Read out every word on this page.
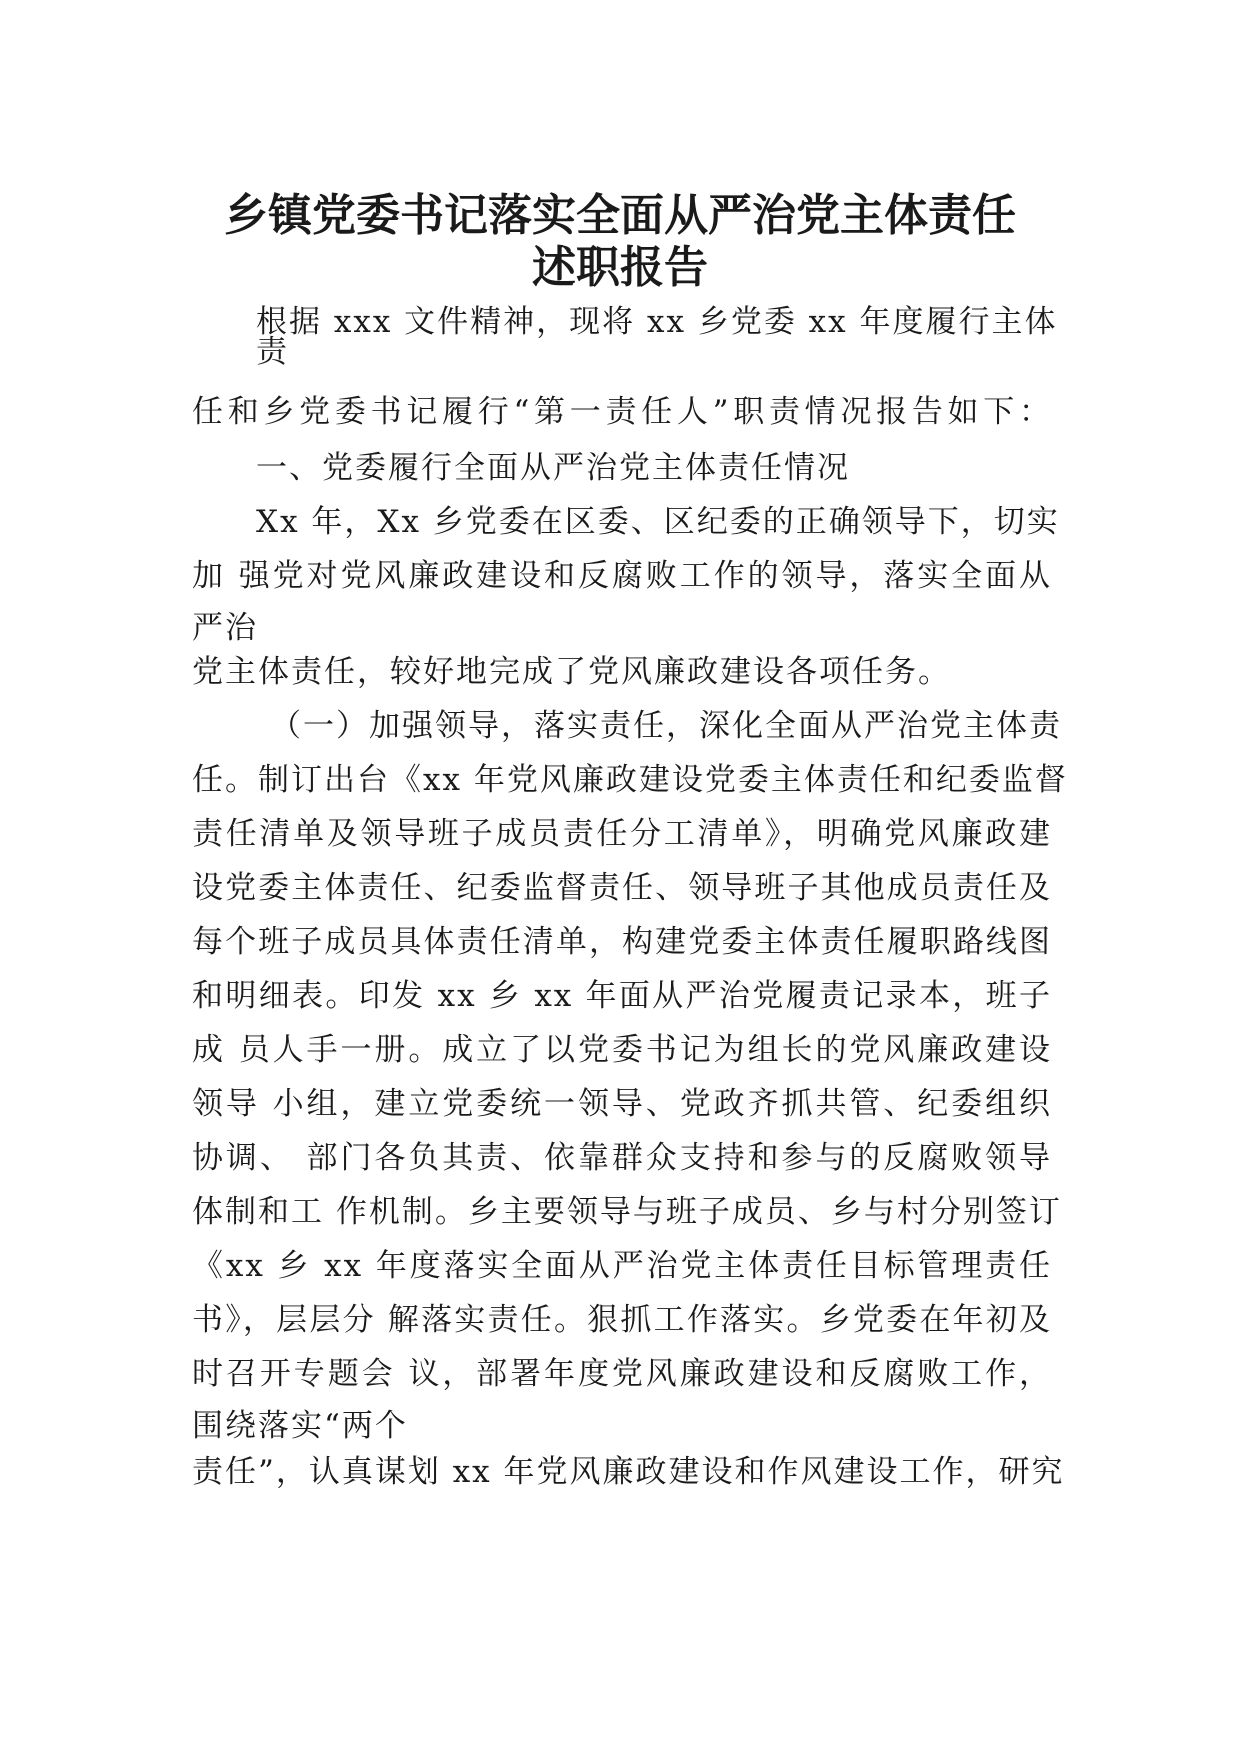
乡镇党委书记落实全面从严治党主体责任
述职报告

根据 xxx 文件精神，现将 xx 乡党委 xx 年度履行主体

责

任和乡党委书记履行“第一责任人”职责情况报告如下：

一、党委履行全面从严治党主体责任情况

Xx 年，Xx 乡党委在区委、区纪委的正确领导下，切实

加 强党对党风廉政建设和反腐败工作的领导，落实全面从

严治

党主体责任，较好地完成了党风廉政建设各项任务。

（一）加强领导，落实责任，深化全面从严治党主体责

任。制订出台《xx 年党风廉政建设党委主体责任和纪委监督

责任清单及领导班子成员责任分工清单》，明确党风廉政建

设党委主体责任、纪委监督责任、领导班子其他成员责任及

每个班子成员具体责任清单，构建党委主体责任履职路线图

和明细表。印发 xx 乡 xx 年面从严治党履责记录本，班子

成 员人手一册。成立了以党委书记为组长的党风廉政建设

领导 小组，建立党委统一领导、党政齐抓共管、纪委组织

协调、 部门各负其责、依靠群众支持和参与的反腐败领导

体制和工 作机制。乡主要领导与班子成员、乡与村分别签订

《xx 乡 xx 年度落实全面从严治党主体责任目标管理责任

书》，层层分 解落实责任。狠抓工作落实。乡党委在年初及

时召开专题会 议，部署年度党风廉政建设和反腐败工作，

围绕落实“两个

责任”，认真谋划 xx 年党风廉政建设和作风建设工作，研究
